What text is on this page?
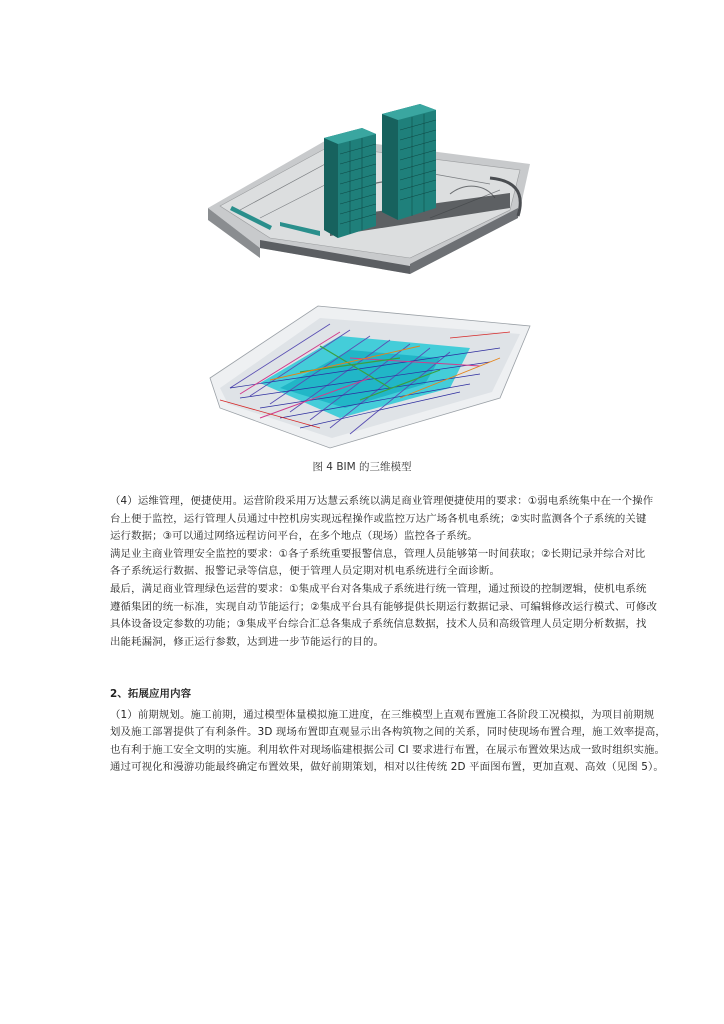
图 4 BIM 的三维模型

（4）运维管理，便捷使用。运营阶段采用万达慧云系统以满足商业管理便捷使用的要求：①弱电系统集中在一个操作

台上便于监控，运行管理人员通过中控机房实现远程操作或监控万达广场各机电系统；②实时监测各个子系统的关键

运行数据；③可以通过网络远程访问平台，在多个地点（现场）监控各子系统。

满足业主商业管理安全监控的要求：①各子系统重要报警信息，管理人员能够第一时间获取；②长期记录并综合对比

各子系统运行数据、报警记录等信息，便于管理人员定期对机电系统进行全面诊断。

最后，满足商业管理绿色运营的要求：①集成平台对各集成子系统进行统一管理，通过预设的控制逻辑，使机电系统

遵循集团的统一标准，实现自动节能运行；②集成平台具有能够提供长期运行数据记录、可编辑修改运行模式、可修改

具体设备设定参数的功能；③集成平台综合汇总各集成子系统信息数据，技术人员和高级管理人员定期分析数据，找

出能耗漏洞，修正运行参数，达到进一步节能运行的目的。

2、拓展应用内容

（1）前期规划。施工前期，通过模型体量模拟施工进度，在三维模型上直观布置施工各阶段工况模拟，为项目前期规

划及施工部署提供了有利条件。3D 现场布置即直观显示出各构筑物之间的关系，同时使现场布置合理，施工效率提高，

也有利于施工安全文明的实施。利用软件对现场临建根据公司 CI 要求进行布置，在展示布置效果达成一致时组织实施。

通过可视化和漫游功能最终确定布置效果，做好前期策划，相对以往传统 2D 平面图布置，更加直观、高效（见图 5）。
